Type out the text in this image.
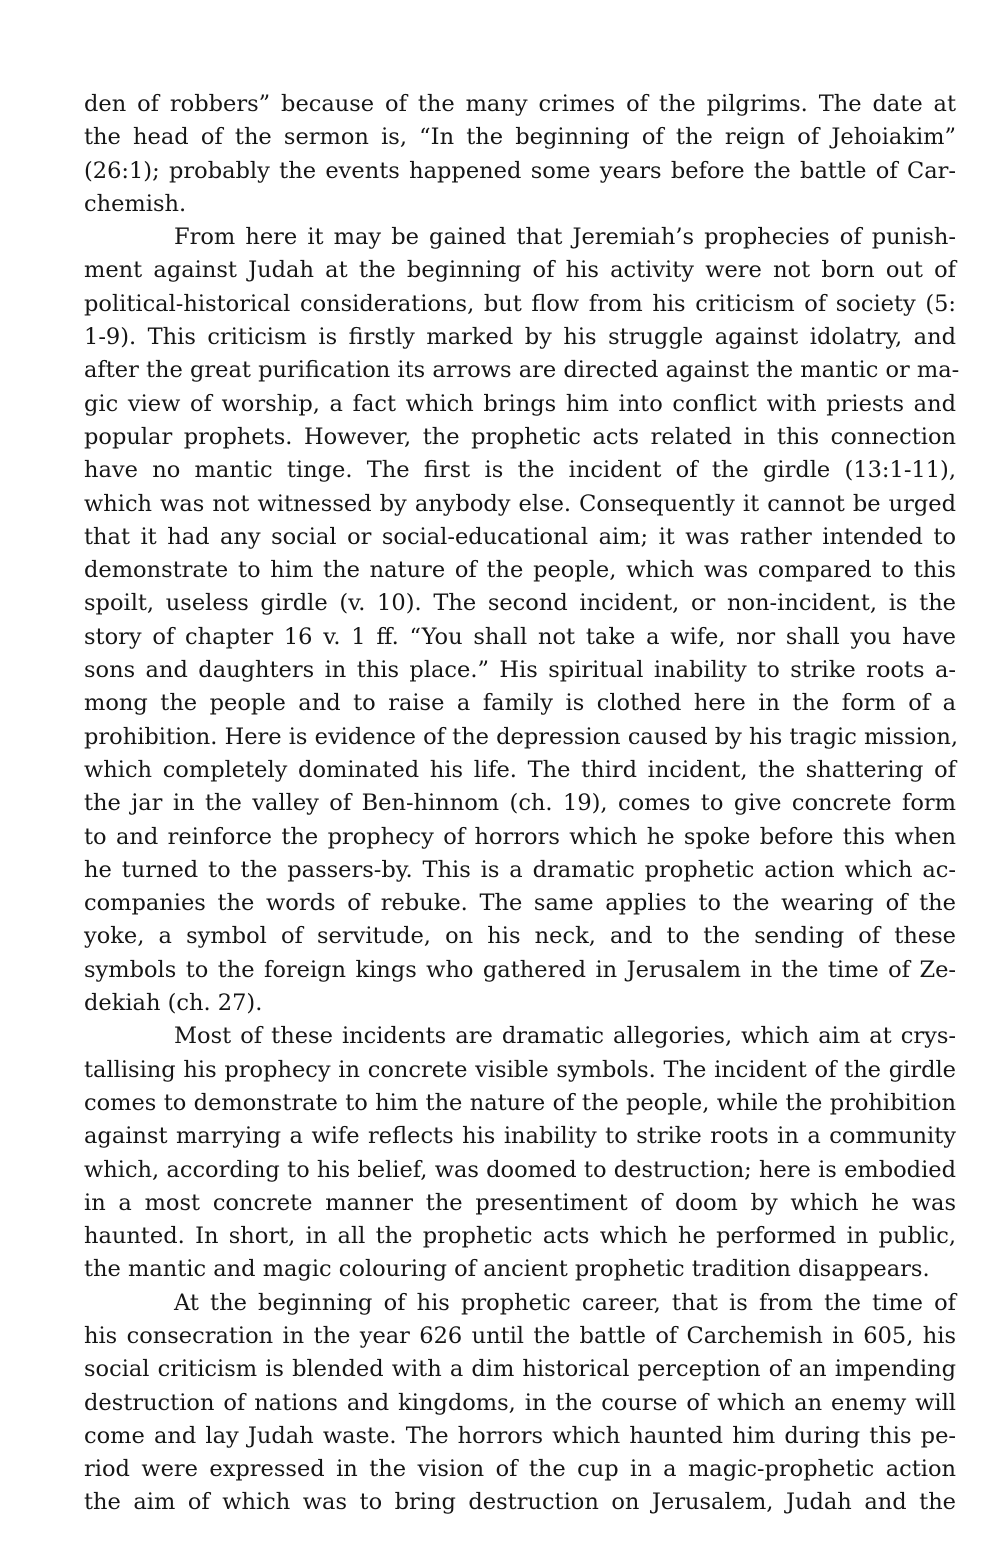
den of robbers” because of the many crimes of the pilgrims. The date at
the head of the sermon is, “In the beginning of the reign of Jehoiakim”
(26:1); probably the events happened some years before the battle of Car-
chemish.
From here it may be gained that Jeremiah’s prophecies of punish-
ment against Judah at the beginning of his activity were not born out of
political-historical considerations, but flow from his criticism of society (5:
1-9). This criticism is firstly marked by his struggle against idolatry, and
after the great purification its arrows are directed against the mantic or ma-
gic view of worship, a fact which brings him into conflict with priests and
popular prophets. However, the prophetic acts related in this connection
have no mantic tinge. The first is the incident of the girdle (13:1-11),
which was not witnessed by anybody else. Consequently it cannot be urged
that it had any social or social-educational aim; it was rather intended to
demonstrate to him the nature of the people, which was compared to this
spoilt, useless girdle (v. 10). The second incident, or non-incident, is the
story of chapter 16 v. 1 ff. “You shall not take a wife, nor shall you have
sons and daughters in this place.” His spiritual inability to strike roots a-
mong the people and to raise a family is clothed here in the form of a
prohibition. Here is evidence of the depression caused by his tragic mission,
which completely dominated his life. The third incident, the shattering of
the jar in the valley of Ben-hinnom (ch. 19), comes to give concrete form
to and reinforce the prophecy of horrors which he spoke before this when
he turned to the passers-by. This is a dramatic prophetic action which ac-
companies the words of rebuke. The same applies to the wearing of the
yoke, a symbol of servitude, on his neck, and to the sending of these
symbols to the foreign kings who gathered in Jerusalem in the time of Ze-
dekiah (ch. 27).
Most of these incidents are dramatic allegories, which aim at crys-
tallising his prophecy in concrete visible symbols. The incident of the girdle
comes to demonstrate to him the nature of the people, while the prohibition
against marrying a wife reflects his inability to strike roots in a community
which, according to his belief, was doomed to destruction; here is embodied
in a most concrete manner the presentiment of doom by which he was
haunted. In short, in all the prophetic acts which he performed in public,
the mantic and magic colouring of ancient prophetic tradition disappears.
At the beginning of his prophetic career, that is from the time of
his consecration in the year 626 until the battle of Carchemish in 605, his
social criticism is blended with a dim historical perception of an impending
destruction of nations and kingdoms, in the course of which an enemy will
come and lay Judah waste. The horrors which haunted him during this pe-
riod were expressed in the vision of the cup in a magic-prophetic action
the aim of which was to bring destruction on Jerusalem, Judah and the
